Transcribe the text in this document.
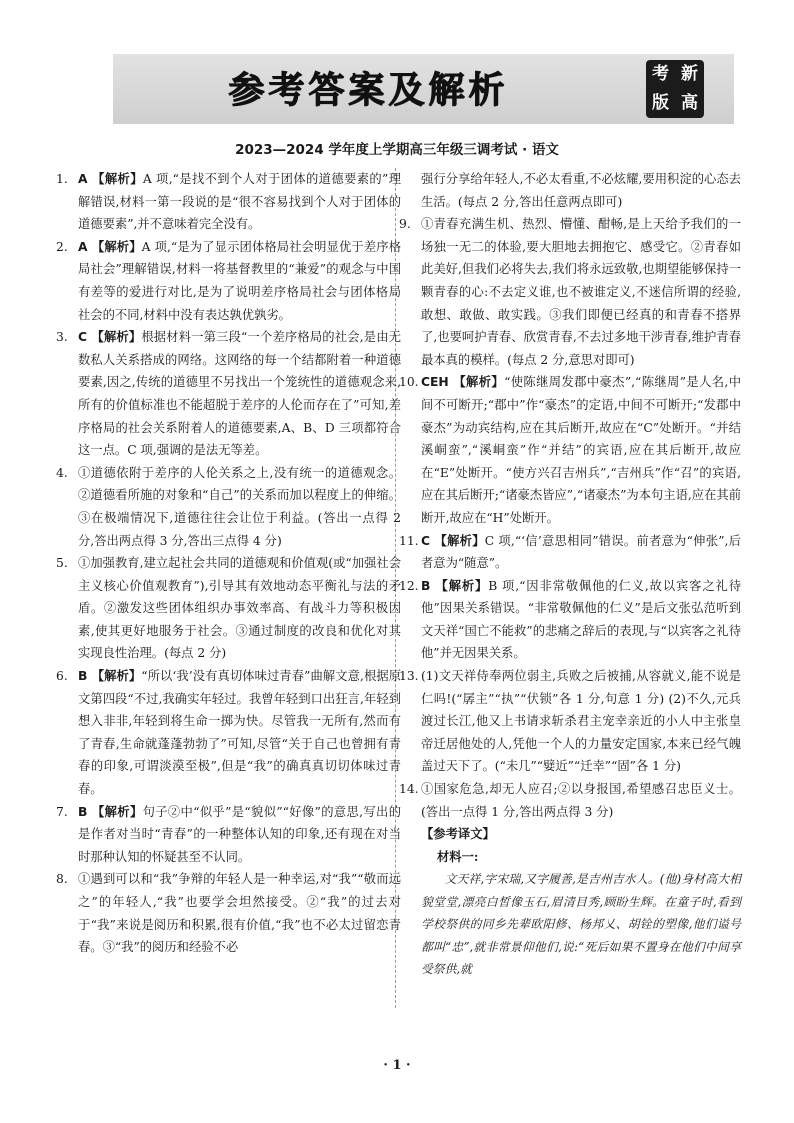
参考答案及解析	考 新
版 高
2023—2024 学年度上学期高三年级三调考试 · 语文
1. A 【解析】A 项,“是找不到个人对于团体的道德要素的”理解错误,材料一第一段说的是“很不容易找到个人对于团体的道德要素”,并不意味着完全没有。
2. A 【解析】A 项,“是为了显示团体格局社会明显优于差序格局社会”理解错误,材料一将基督教里的“兼爱”的观念与中国有差等的爱进行对比,是为了说明差序格局社会与团体格局社会的不同,材料中没有表达孰优孰劣。
3. C 【解析】根据材料一第三段“一个差序格局的社会,是由无数私人关系搭成的网络。这网络的每一个结都附着一种道德要素,因之,传统的道德里不另找出一个笼统性的道德观念来,所有的价值标准也不能超脱于差序的人伦而存在了”可知,差序格局的社会关系附着人的道德要素,A、B、D 三项都符合这一点。C 项,强调的是法无等差。
4. ①道德依附于差序的人伦关系之上,没有统一的道德观念。②道德看所施的对象和“自己”的关系而加以程度上的伸缩。③在极端情况下,道德往往会让位于利益。(答出一点得 2 分,答出两点得 3 分,答出三点得 4 分)
5. ①加强教育,建立起社会共同的道德观和价值观(或“加强社会主义核心价值观教育”),引导其有效地动态平衡礼与法的矛盾。②激发这些团体组织办事效率高、有战斗力等积极因素,使其更好地服务于社会。③通过制度的改良和优化对其实现良性治理。(每点 2 分)
6. B 【解析】“所以‘我’没有真切体味过青春”曲解文意,根据原文第四段“不过,我确实年轻过。我曾年轻到口出狂言,年轻到想入非非,年轻到将生命一掷为快。尽管我一无所有,然而有了青春,生命就蓬蓬勃勃了”可知,尽管“关于自己也曾拥有青春的印象,可谓淡漠至极”,但是“我”的确真真切切体味过青春。
7. B 【解析】句子②中“似乎”是“貌似”“好像”的意思,写出的是作者对当时“青春”的一种整体认知的印象,还有现在对当时那种认知的怀疑甚至不认同。
8. ①遇到可以和“我”争辩的年轻人是一种幸运,对“我”“敬而远之”的年轻人,“我”也要学会坦然接受。②“我”的过去对于“我”来说是阅历和积累,很有价值,“我”也不必太过留恋青春。③“我”的阅历和经验不必
强行分享给年轻人,不必太看重,不必炫耀,要用积淀的心态去生活。(每点 2 分,答出任意两点即可)
9. ①青春充满生机、热烈、懵懂、酣畅,是上天给予我们的一场独一无二的体验,要大胆地去拥抱它、感受它。②青春如此美好,但我们必将失去,我们将永远致敬,也期望能够保持一颗青春的心:不去定义谁,也不被谁定义,不迷信所谓的经验,敢想、敢做、敢实践。③我们即便已经真的和青春不搭界了,也要呵护青春、欣赏青春,不去过多地干涉青春,维护青春最本真的模样。(每点 2 分,意思对即可)
10. CEH 【解析】“使陈继周发郡中豪杰”,“陈继周”是人名,中间不可断开;“郡中”作“豪杰”的定语,中间不可断开;“发郡中豪杰”为动宾结构,应在其后断开,故应在“C”处断开。“并结溪峒蛮”,“溪峒蛮”作“并结”的宾语,应在其后断开,故应在“E”处断开。“使方兴召吉州兵”,“吉州兵”作“召”的宾语,应在其后断开;“诸豪杰皆应”,“诸豪杰”为本句主语,应在其前断开,故应在“H”处断开。
11. C 【解析】C 项,“‘信’意思相同”错误。前者意为“伸张”,后者意为“随意”。
12. B 【解析】B 项,“因非常敬佩他的仁义,故以宾客之礼待他”因果关系错误。“非常敬佩他的仁义”是后文张弘范听到文天祥“国亡不能救”的悲痛之辞后的表现,与“以宾客之礼待他”并无因果关系。
13. (1)文天祥侍奉两位弱主,兵败之后被捕,从容就义,能不说是仁吗!(“孱主”“执”“伏锁”各 1 分,句意 1 分) (2)不久,元兵渡过长江,他又上书请求斩杀君主宠幸亲近的小人中主张皇帝迁居他处的人,凭他一个人的力量安定国家,本来已经气魄盖过天下了。(“未几”“嬖近”“迁幸”“固”各 1 分)
14. ①国家危急,却无人应召;②以身报国,希望感召忠臣义士。(答出一点得 1 分,答出两点得 3 分)
【参考译文】
材料一:
文天祥,字宋瑞,又字履善,是吉州吉水人。(他)身材高大相貌堂堂,漂亮白皙像玉石,眉清目秀,顾盼生辉。在童子时,看到学校祭供的同乡先辈欧阳修、杨邦乂、胡铨的塑像,他们谥号都叫“忠”,就非常景仰他们,说:“死后如果不置身在他们中间享受祭供,就
· 1 ·
